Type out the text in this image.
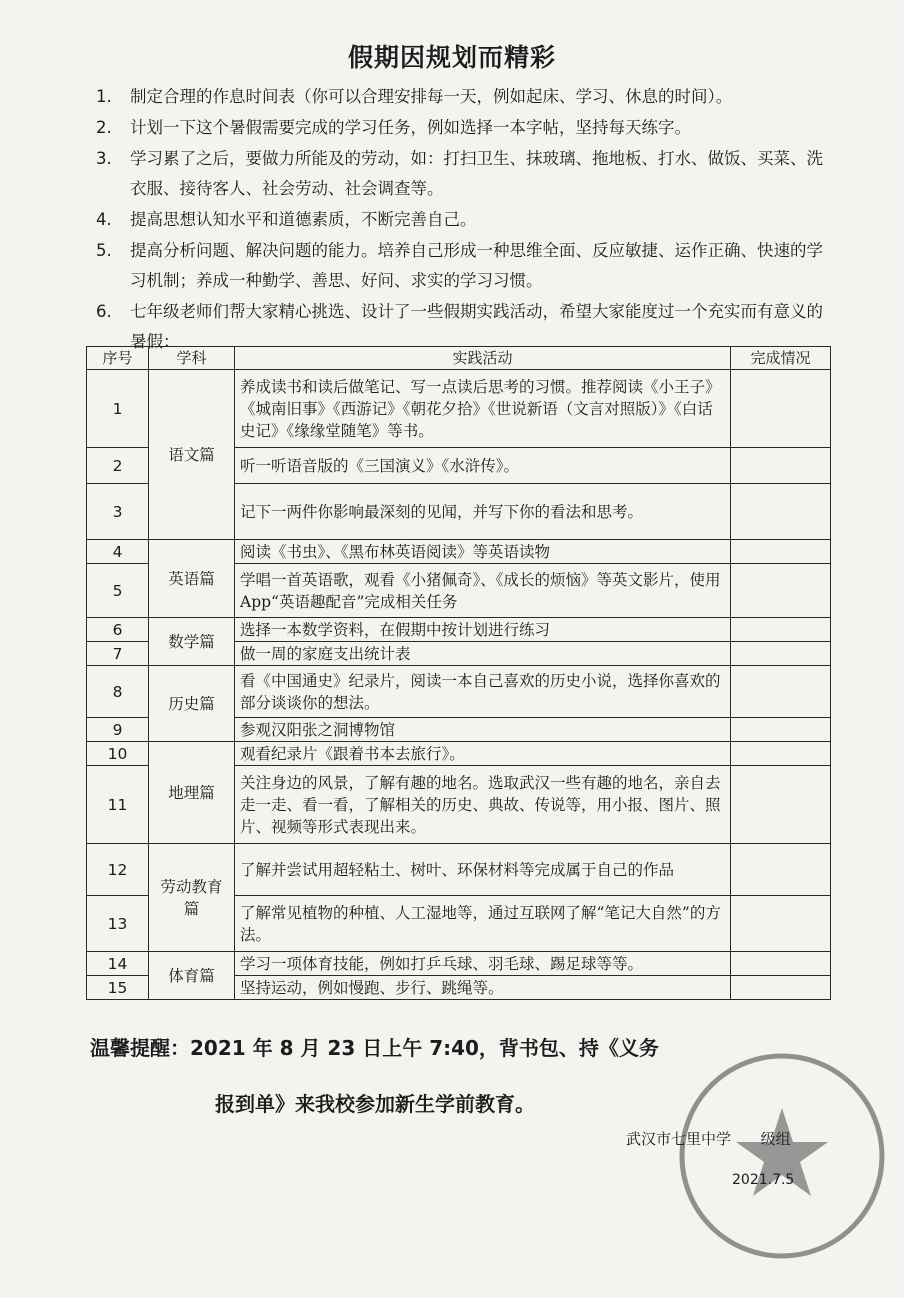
假期因规划而精彩
1.	制定合理的作息时间表（你可以合理安排每一天，例如起床、学习、休息的时间）。
2.	计划一下这个暑假需要完成的学习任务，例如选择一本字帖，坚持每天练字。
3.	学习累了之后，要做力所能及的劳动，如：打扫卫生、抹玻璃、拖地板、打水、做饭、买菜、洗衣服、接待客人、社会劳动、社会调查等。
4.	提高思想认知水平和道德素质，不断完善自己。
5.	提高分析问题、解决问题的能力。培养自己形成一种思维全面、反应敏捷、运作正确、快速的学习机制；养成一种勤学、善思、好问、求实的学习习惯。
6.	七年级老师们帮大家精心挑选、设计了一些假期实践活动，希望大家能度过一个充实而有意义的暑假：
序号	学科	实践活动	完成情况
1	语文篇	养成读书和读后做笔记、写一点读后思考的习惯。推荐阅读《小王子》《城南旧事》《西游记》《朝花夕拾》《世说新语（文言对照版）》《白话史记》《缘缘堂随笔》等书。	
2		听一听语音版的《三国演义》《水浒传》。	
3		记下一两件你影响最深刻的见闻，并写下你的看法和思考。	
4	英语篇	阅读《书虫》、《黑布林英语阅读》等英语读物	
5		学唱一首英语歌，观看《小猪佩奇》、《成长的烦恼》等英文影片，使用 App“英语趣配音”完成相关任务	
6	数学篇	选择一本数学资料，在假期中按计划进行练习	
7		做一周的家庭支出统计表	
8	历史篇	看《中国通史》纪录片，阅读一本自己喜欢的历史小说，选择你喜欢的部分谈谈你的想法。	
9		参观汉阳张之洞博物馆	
10	地理篇	观看纪录片《跟着书本去旅行》。	
11		关注身边的风景，了解有趣的地名。选取武汉一些有趣的地名，亲自去走一走、看一看，了解相关的历史、典故、传说等，用小报、图片、照片、视频等形式表现出来。	
12	劳动教育篇	了解并尝试用超轻粘土、树叶、环保材料等完成属于自己的作品	
13		了解常见植物的种植、人工湿地等，通过互联网了解“笔记大自然”的方法。	
14	体育篇	学习一项体育技能，例如打乒乓球、羽毛球、踢足球等等。	
15		坚持运动，例如慢跑、步行、跳绳等。	
温馨提醒：2021 年 8 月 23 日上午 7:40，背书包、持《义务
报到单》来我校参加新生学前教育。
武汉市七里中学 级组
2021.7.5
